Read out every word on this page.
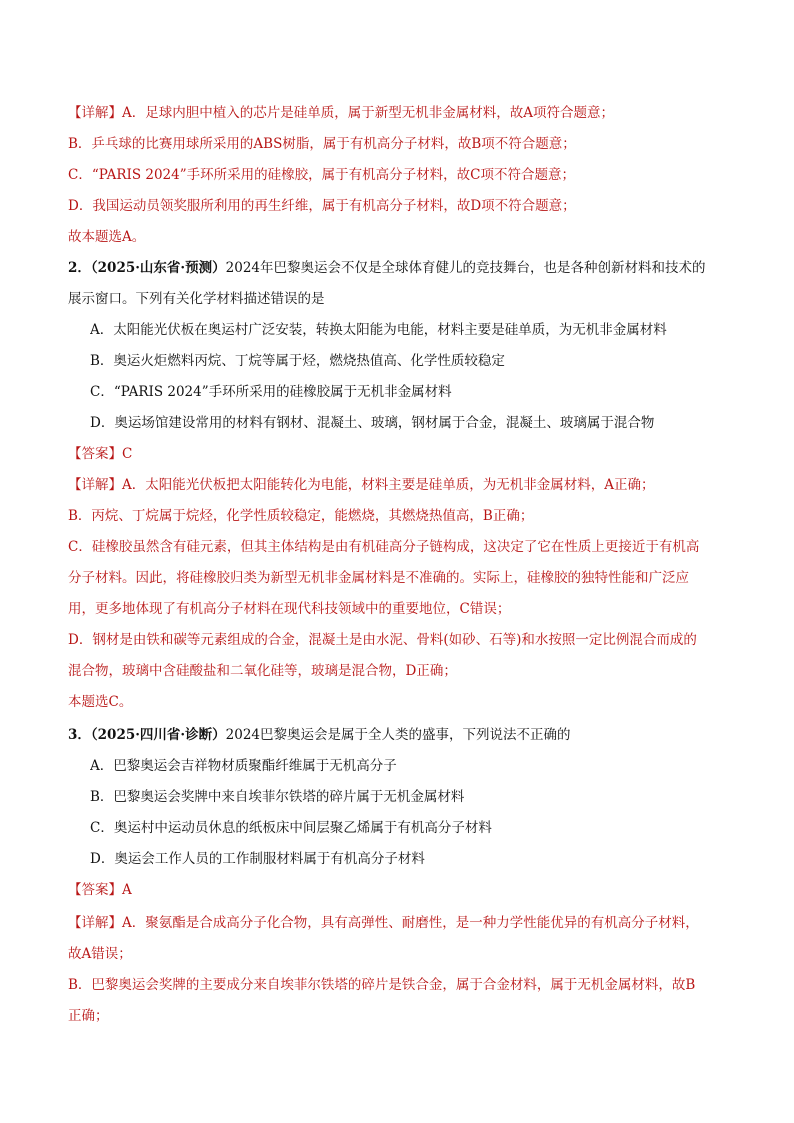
【详解】A．足球内胆中植入的芯片是硅单质，属于新型无机非金属材料，故A项符合题意；
B．乒乓球的比赛用球所采用的ABS树脂，属于有机高分子材料，故B项不符合题意；
C．“PARIS 2024”手环所采用的硅橡胶，属于有机高分子材料，故C项不符合题意；
D．我国运动员领奖服所利用的再生纤维，属于有机高分子材料，故D项不符合题意；
故本题选A。
2．（2025·山东省·预测）2024年巴黎奥运会不仅是全球体育健儿的竞技舞台，也是各种创新材料和技术的
展示窗口。下列有关化学材料描述错误的是
A．太阳能光伏板在奥运村广泛安装，转换太阳能为电能，材料主要是硅单质，为无机非金属材料
B．奥运火炬燃料丙烷、丁烷等属于烃，燃烧热值高、化学性质较稳定
C．“PARIS 2024”手环所采用的硅橡胶属于无机非金属材料
D．奥运场馆建设常用的材料有钢材、混凝土、玻璃，钢材属于合金，混凝土、玻璃属于混合物
【答案】C
【详解】A．太阳能光伏板把太阳能转化为电能，材料主要是硅单质，为无机非金属材料，A正确；
B．丙烷、丁烷属于烷烃，化学性质较稳定，能燃烧，其燃烧热值高，B正确；
C．硅橡胶虽然含有硅元素，但其主体结构是由有机硅高分子链构成，这决定了它在性质上更接近于有机高
分子材料。因此，将硅橡胶归类为新型无机非金属材料是不准确的。实际上，硅橡胶的独特性能和广泛应
用，更多地体现了有机高分子材料在现代科技领域中的重要地位，C错误；
D．钢材是由铁和碳等元素组成的合金，混凝土是由水泥、骨料(如砂、石等)和水按照一定比例混合而成的
混合物，玻璃中含硅酸盐和二氧化硅等，玻璃是混合物，D正确；
本题选C。
3．（2025·四川省·诊断）2024巴黎奥运会是属于全人类的盛事，下列说法不正确的
A．巴黎奥运会吉祥物材质聚酯纤维属于无机高分子
B．巴黎奥运会奖牌中来自埃菲尔铁塔的碎片属于无机金属材料
C．奥运村中运动员休息的纸板床中间层聚乙烯属于有机高分子材料
D．奥运会工作人员的工作制服材料属于有机高分子材料
【答案】A
【详解】A．聚氨酯是合成高分子化合物，具有高弹性、耐磨性，是一种力学性能优异的有机高分子材料，
故A错误；
B．巴黎奥运会奖牌的主要成分来自埃菲尔铁塔的碎片是铁合金，属于合金材料，属于无机金属材料，故B
正确；
